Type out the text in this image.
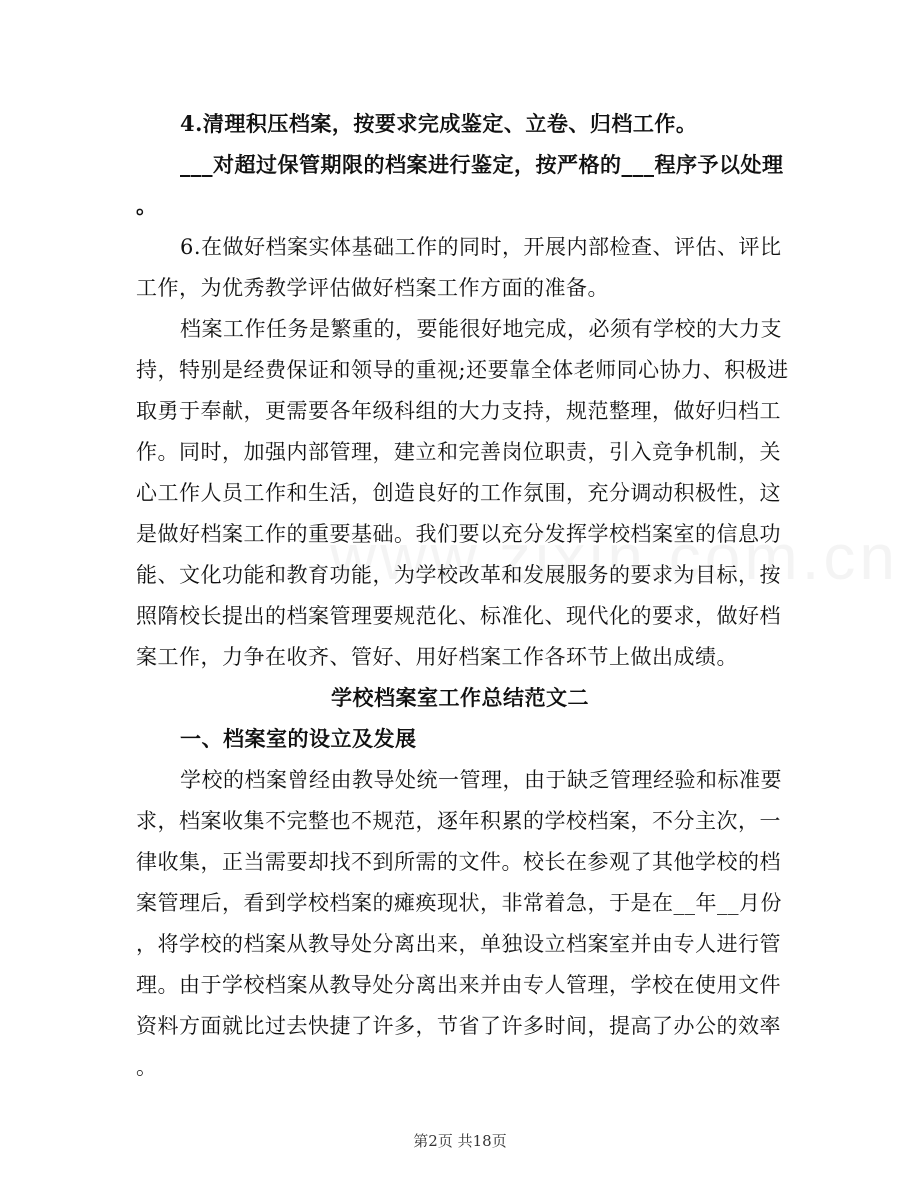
4.清理积压档案，按要求完成鉴定、立卷、归档工作。
___对超过保管期限的档案进行鉴定，按严格的___程序予以处理
。
6.在做好档案实体基础工作的同时，开展内部检查、评估、评比
工作，为优秀教学评估做好档案工作方面的准备。
档案工作任务是繁重的，要能很好地完成，必须有学校的大力支
持，特别是经费保证和领导的重视;还要靠全体老师同心协力、积极进
取勇于奉献，更需要各年级科组的大力支持，规范整理，做好归档工
作。同时，加强内部管理，建立和完善岗位职责，引入竞争机制，关
心工作人员工作和生活，创造良好的工作氛围，充分调动积极性，这
是做好档案工作的重要基础。我们要以充分发挥学校档案室的信息功
能、文化功能和教育功能，为学校改革和发展服务的要求为目标，按
照隋校长提出的档案管理要规范化、标准化、现代化的要求，做好档
案工作，力争在收齐、管好、用好档案工作各环节上做出成绩。
学校档案室工作总结范文二
一、档案室的设立及发展
学校的档案曾经由教导处统一管理，由于缺乏管理经验和标准要
求，档案收集不完整也不规范，逐年积累的学校档案，不分主次，一
律收集，正当需要却找不到所需的文件。校长在参观了其他学校的档
案管理后，看到学校档案的瘫痪现状，非常着急，于是在__年__月份
，将学校的档案从教导处分离出来，单独设立档案室并由专人进行管
理。由于学校档案从教导处分离出来并由专人管理，学校在使用文件
资料方面就比过去快捷了许多，节省了许多时间，提高了办公的效率
。
第2页 共18页
